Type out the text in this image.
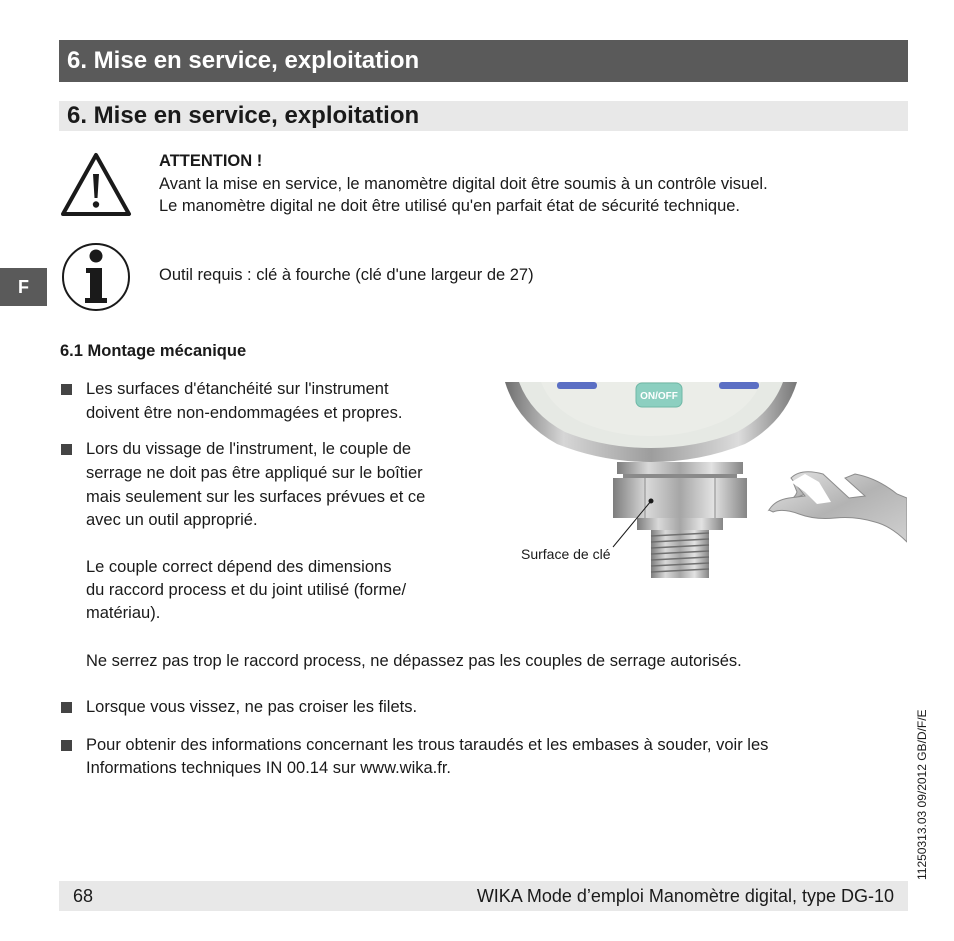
6. Mise en service, exploitation
6. Mise en service, exploitation
F
ATTENTION !
Avant la mise en service, le manomètre digital doit être soumis à un contrôle visuel.
Le manomètre digital ne doit être utilisé qu'en parfait état de sécurité technique.
Outil requis : clé à fourche (clé d'une largeur de 27)
6.1 Montage mécanique
Les surfaces d'étanchéité sur l'instrument
doivent être non-endommagées et propres.
Lors du vissage de l'instrument, le couple de
serrage ne doit pas être appliqué sur le boîtier
mais seulement sur les surfaces prévues et ce
avec un outil approprié.
Le couple correct dépend des dimensions
du raccord process et du joint utilisé (forme/
matériau).
Ne serrez pas trop le raccord process, ne dépassez pas les couples de serrage autorisés.
Lorsque vous vissez, ne pas croiser les filets.
Pour obtenir des informations concernant les trous taraudés et les embases à souder, voir les
Informations techniques IN 00.14 sur www.wika.fr.
ON/OFF
Surface de clé
11250313.03 09/2012 GB/D/F/E
68	WIKA Mode d’emploi Manomètre digital, type DG-10
